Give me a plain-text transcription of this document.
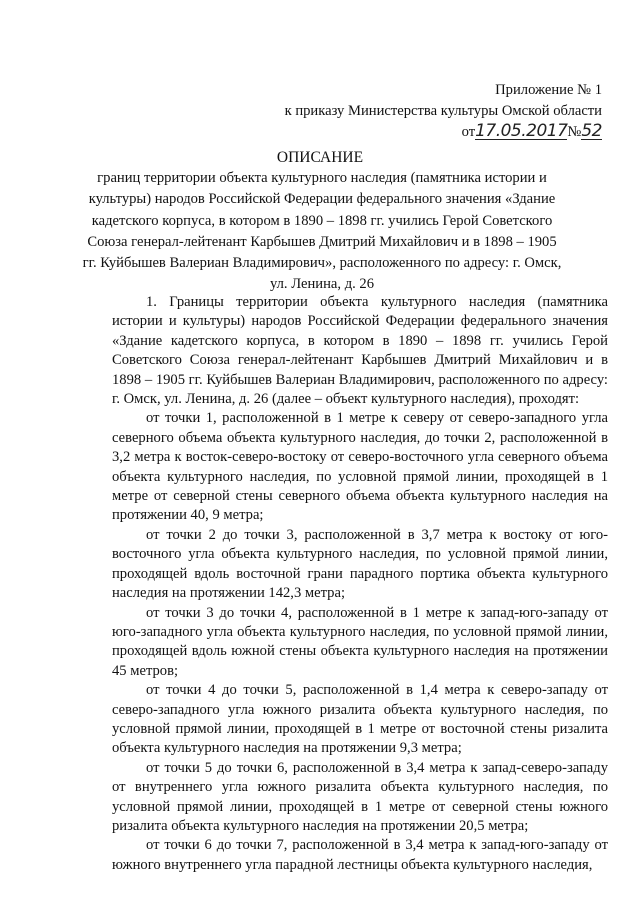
Приложение № 1
к приказу Министерства культуры Омской области
от17.05.2017№52
ОПИСАНИЕ
границ территории объекта культурного наследия (памятника истории и культуры) народов Российской Федерации федерального значения «Здание кадетского корпуса, в котором в 1890 – 1898 гг. учились Герой Советского Союза генерал-лейтенант Карбышев Дмитрий Михайлович и в 1898 – 1905 гг. Куйбышев Валериан Владимирович», расположенного по адресу: г. Омск, ул. Ленина, д. 26

1. Границы территории объекта культурного наследия (памятника истории и культуры) народов Российской Федерации федерального значения «Здание кадетского корпуса, в котором в 1890 – 1898 гг. учились Герой Советского Союза генерал-лейтенант Карбышев Дмитрий Михайлович и в 1898 – 1905 гг. Куйбышев Валериан Владимирович, расположенного по адресу: г. Омск, ул. Ленина, д. 26 (далее – объект культурного наследия), проходят:

от точки 1, расположенной в 1 метре к северу от северо-западного угла северного объема объекта культурного наследия, до точки 2, расположенной в 3,2 метра к восток-северо-востоку от северо-восточного угла северного объема объекта культурного наследия, по условной прямой линии, проходящей в 1 метре от северной стены северного объема объекта культурного наследия на протяжении 40, 9 метра;

от точки 2 до точки 3, расположенной в 3,7 метра к востоку от юго-восточного угла объекта культурного наследия, по условной прямой линии, проходящей вдоль восточной грани парадного портика объекта культурного наследия на протяжении 142,3 метра;

от точки 3 до точки 4, расположенной в 1 метре к запад-юго-западу от юго-западного угла объекта культурного наследия, по условной прямой линии, проходящей вдоль южной стены объекта культурного наследия на протяжении 45 метров;

от точки 4 до точки 5, расположенной в 1,4 метра к северо-западу от северо-западного угла южного ризалита объекта культурного наследия, по условной прямой линии, проходящей в 1 метре от восточной стены ризалита объекта культурного наследия на протяжении 9,3 метра;

от точки 5 до точки 6, расположенной в 3,4 метра к запад-северо-западу от внутреннего угла южного ризалита объекта культурного наследия, по условной прямой линии, проходящей в 1 метре от северной стены южного ризалита объекта культурного наследия на протяжении 20,5 метра;

от точки 6 до точки 7, расположенной в 3,4 метра к запад-юго-западу от южного внутреннего угла парадной лестницы объекта культурного наследия,
